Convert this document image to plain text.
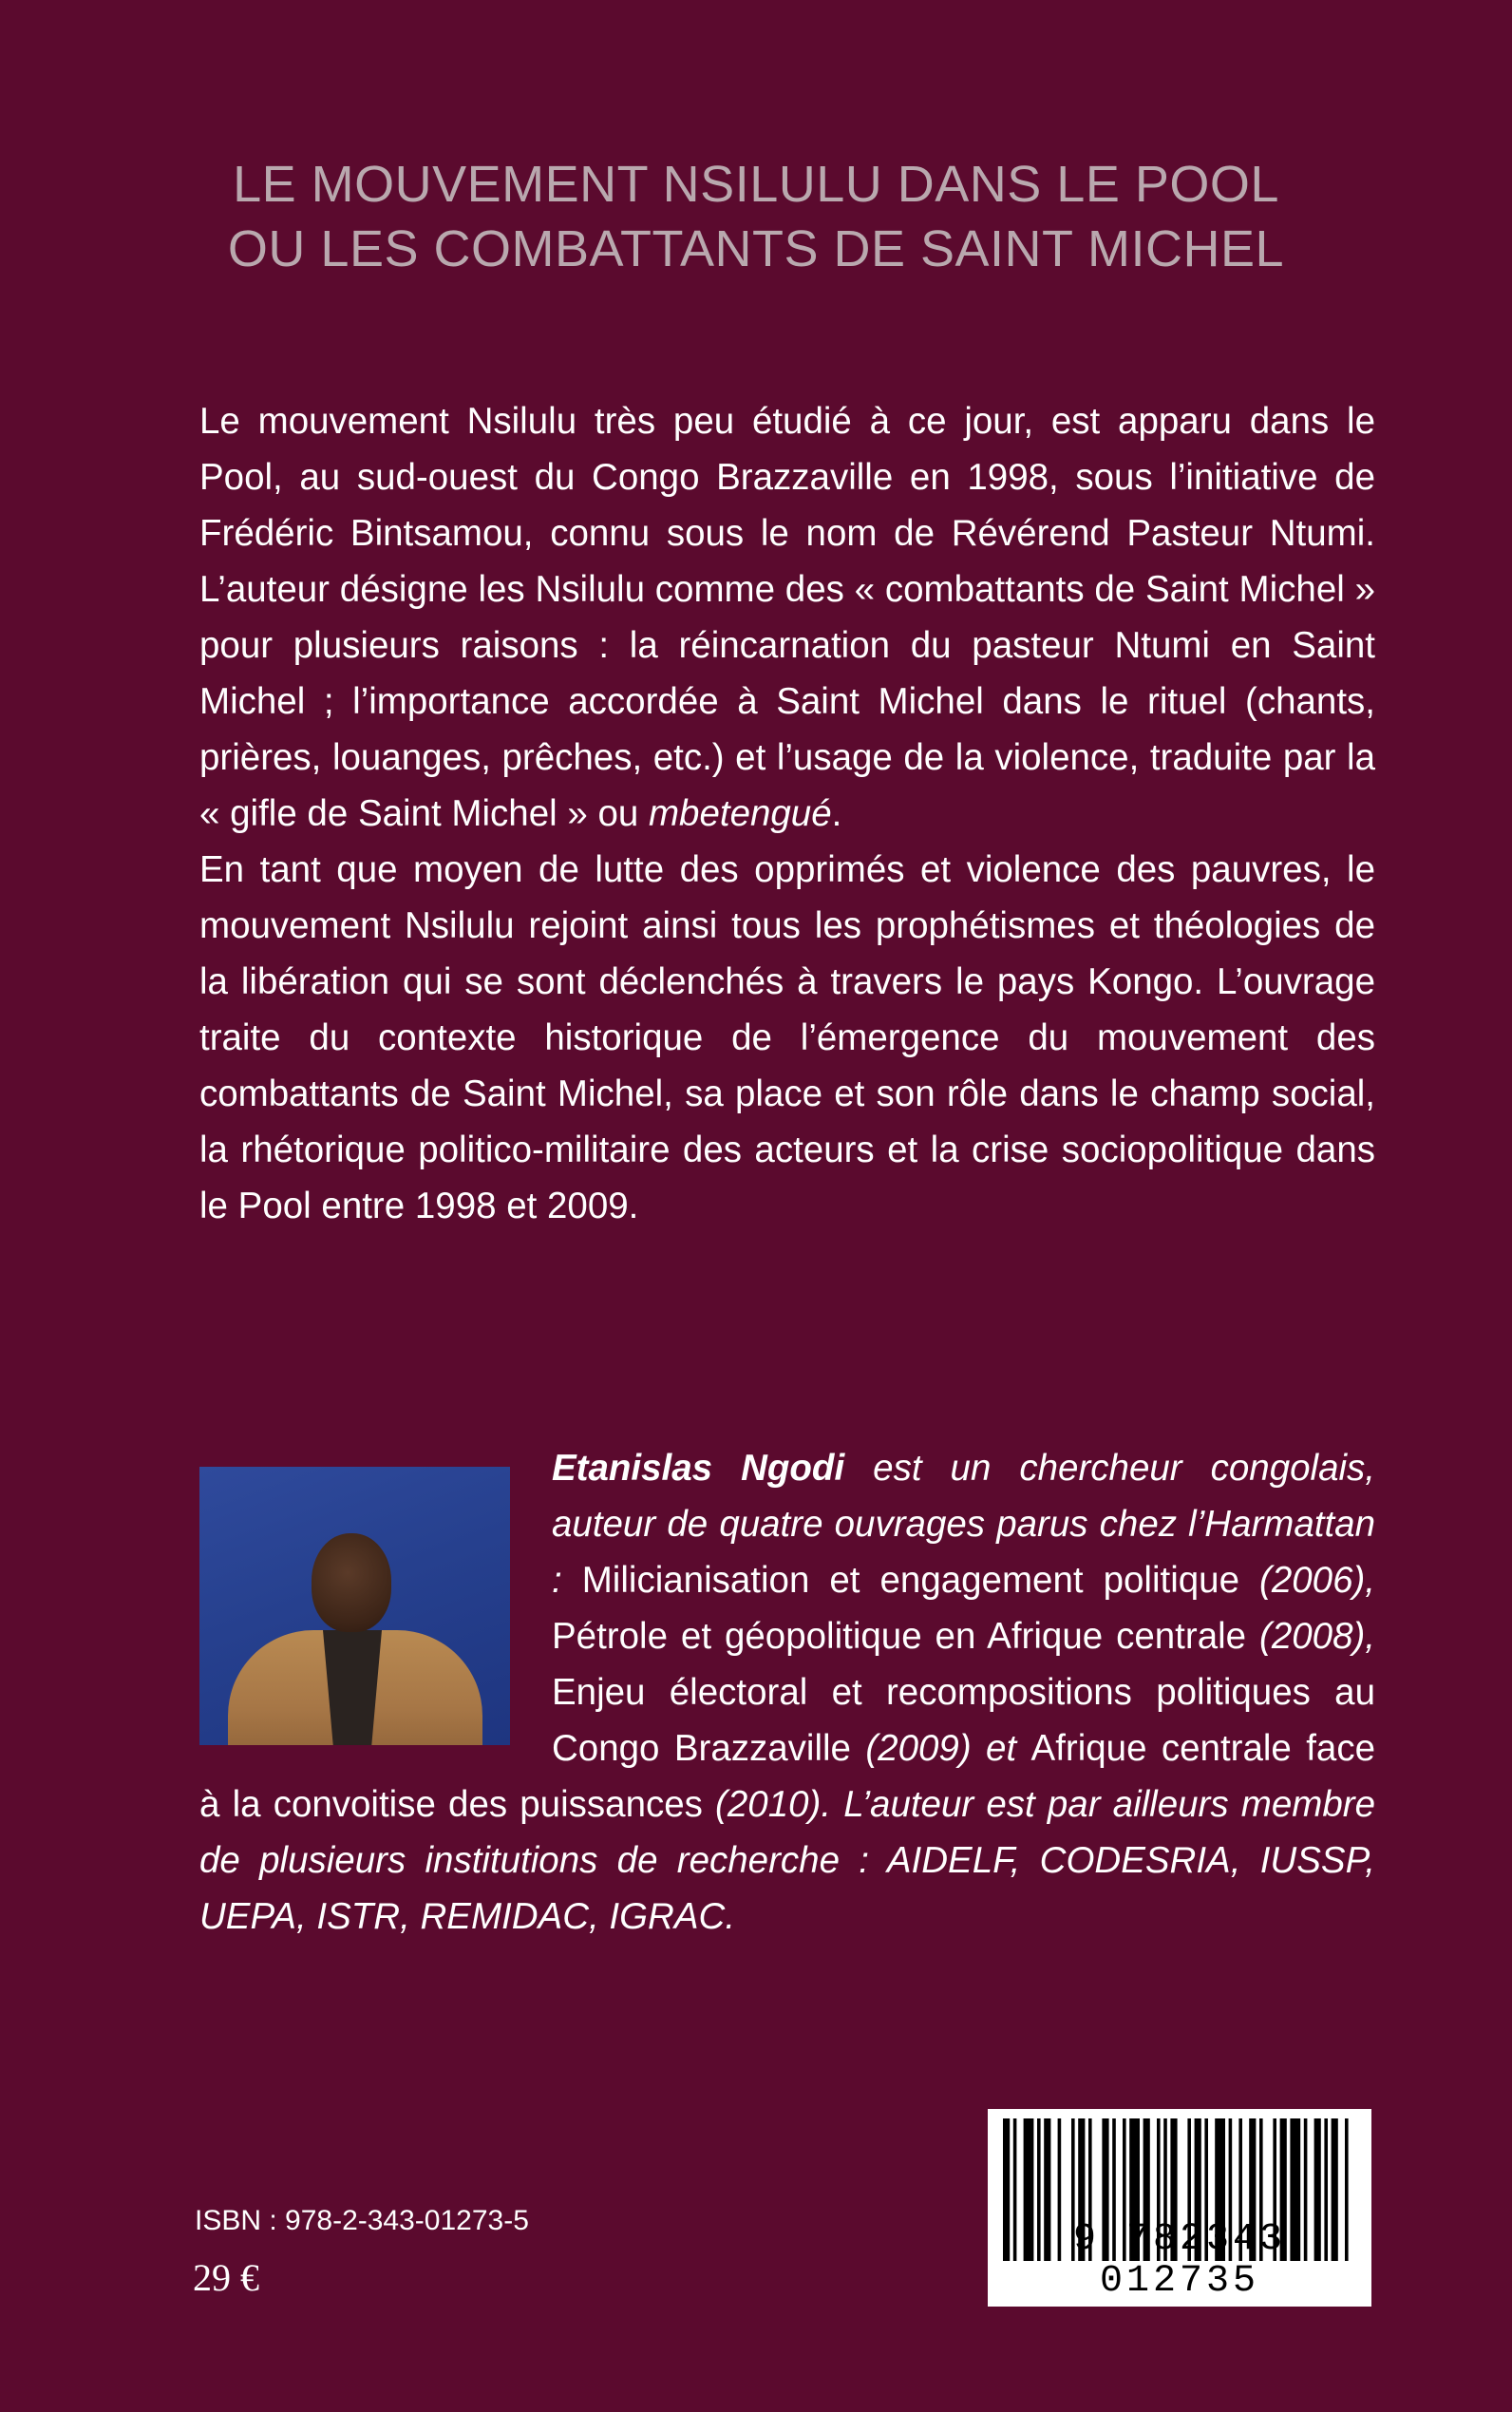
LE MOUVEMENT NSILULU DANS LE POOL
OU LES COMBATTANTS DE SAINT MICHEL

Le mouvement Nsilulu très peu étudié à ce jour, est apparu dans le Pool, au sud-ouest du Congo Brazzaville en 1998, sous l’initiative de Frédéric Bintsamou, connu sous le nom de Révérend Pasteur Ntumi. L’auteur désigne les Nsilulu comme des « combattants de Saint Michel » pour plusieurs raisons : la réincarnation du pasteur Ntumi en Saint Michel ; l’importance accordée à Saint Michel dans le rituel (chants, prières, louanges, prêches, etc.) et l’usage de la violence, traduite par la « gifle de Saint Michel » ou mbetengué.

En tant que moyen de lutte des opprimés et violence des pauvres, le mouvement Nsilulu rejoint ainsi tous les prophétismes et théologies de la libération qui se sont déclenchés à travers le pays Kongo. L’ouvrage traite du contexte historique de l’émergence du mouvement des combattants de Saint Michel, sa place et son rôle dans le champ social, la rhétorique politico-militaire des acteurs et la crise sociopolitique dans le Pool entre 1998 et 2009.

Etanislas Ngodi est un chercheur congolais, auteur de quatre ouvrages parus chez l’Harmattan : Milicianisation et engagement politique (2006), Pétrole et géopolitique en Afrique centrale (2008), Enjeu électoral et recompositions politiques au Congo Brazzaville (2009) et Afrique centrale face à la convoitise des puissances (2010). L’auteur est par ailleurs membre de plusieurs institutions de recherche : AIDELF, CODESRIA, IUSSP, UEPA, ISTR, REMIDAC, IGRAC.
ISBN : 978-2-343-01273-5
29 €
9 782343 012735
